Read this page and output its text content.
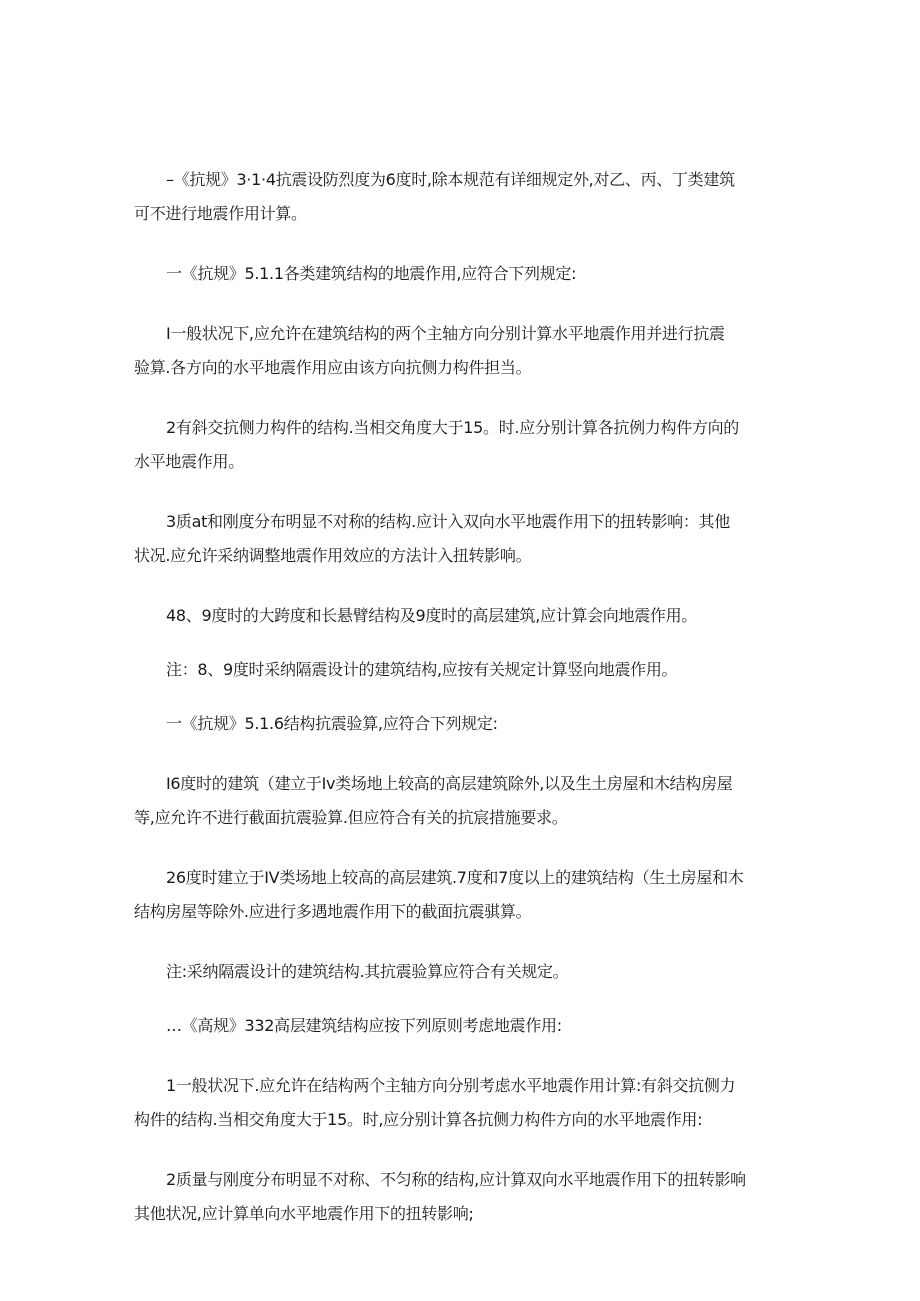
–《抗规》3·1·4抗震设防烈度为6度时,除本规范有详细规定外,对乙、丙、丁类建筑
可不进行地震作用计算。

一《抗规》5.1.1各类建筑结构的地震作用,应符合下列规定:

I一般状况下,应允许在建筑结构的两个主轴方向分别计算水平地震作用并进行抗震
验算.各方向的水平地震作用应由该方向抗侧力构件担当。

2有斜交抗侧力构件的结构.当相交角度大于15。时.应分别计算各抗例力构件方向的
水平地震作用。

3质at和刚度分布明显不对称的结构.应计入双向水平地震作用下的扭转影响：其他
状况.应允许采纳调整地震作用效应的方法计入扭转影响。

48、9度时的大跨度和长悬臂结构及9度时的高层建筑,应计算会向地震作用。

注：8、9度时采纳隔震设计的建筑结构,应按有关规定计算竖向地震作用。

一《抗规》5.1.6结构抗震验算,应符合下列规定:

I6度时的建筑（建立于Iv类场地上较高的高层建筑除外,以及生土房屋和木结构房屋
等,应允许不进行截面抗震验算.但应符合有关的抗宸措施要求。

26度时建立于IV类场地上较高的高层建筑.7度和7度以上的建筑结构（生土房屋和木
结构房屋等除外.应进行多遇地震作用下的截面抗震骐算。

注:采纳隔震设计的建筑结构.其抗震验算应符合有关规定。

…《高规》332高层建筑结构应按下列原则考虑地震作用:

1一般状况下.应允许在结构两个主轴方向分别考虑水平地震作用计算:有斜交抗侧力
构件的结构.当相交角度大于15。时,应分别计算各抗侧力构件方向的水平地震作用:

2质量与刚度分布明显不对称、不匀称的结构,应计算双向水平地震作用下的扭转影响
其他状况,应计算单向水平地震作用下的扭转影响;
